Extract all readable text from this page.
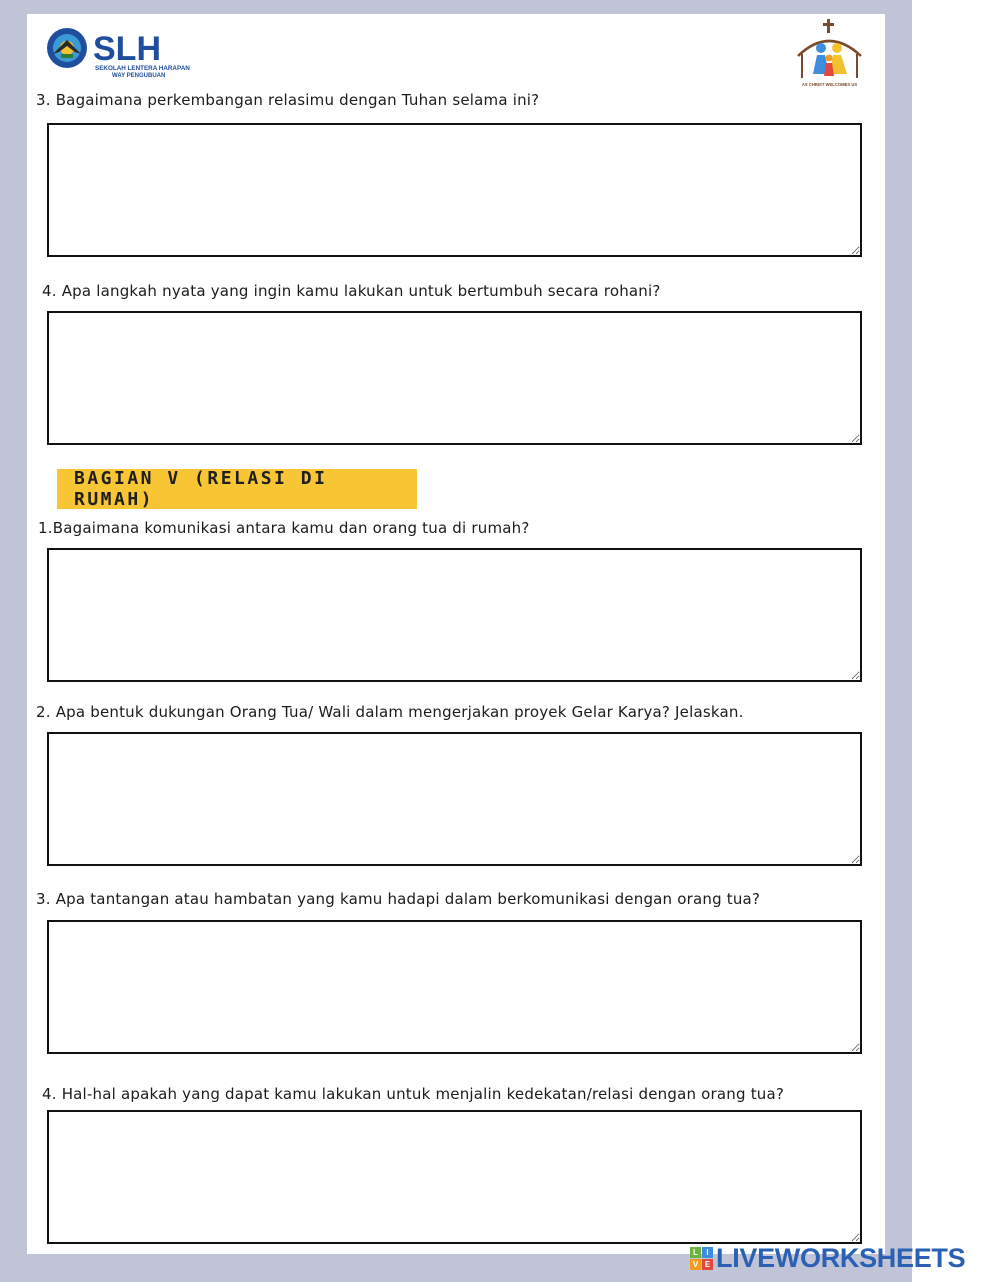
SLH
SEKOLAH LENTERA HARAPAN
WAY PENGUBUAN
AS CHRIST WELCOMES US
3. Bagaimana perkembangan relasimu dengan Tuhan selama ini?
4. Apa langkah nyata yang ingin kamu lakukan untuk bertumbuh secara rohani?
BAGIAN V (RELASI DI RUMAH)
1.Bagaimana komunikasi antara kamu dan orang tua di rumah?
2. Apa bentuk dukungan Orang Tua/ Wali dalam mengerjakan proyek Gelar Karya? Jelaskan.
3. Apa tantangan atau hambatan yang kamu hadapi dalam berkomunikasi dengan orang tua?
4. Hal-hal apakah yang dapat kamu lakukan untuk menjalin kedekatan/relasi dengan orang tua?
L	I
V E LIVEWORKSHEETS
